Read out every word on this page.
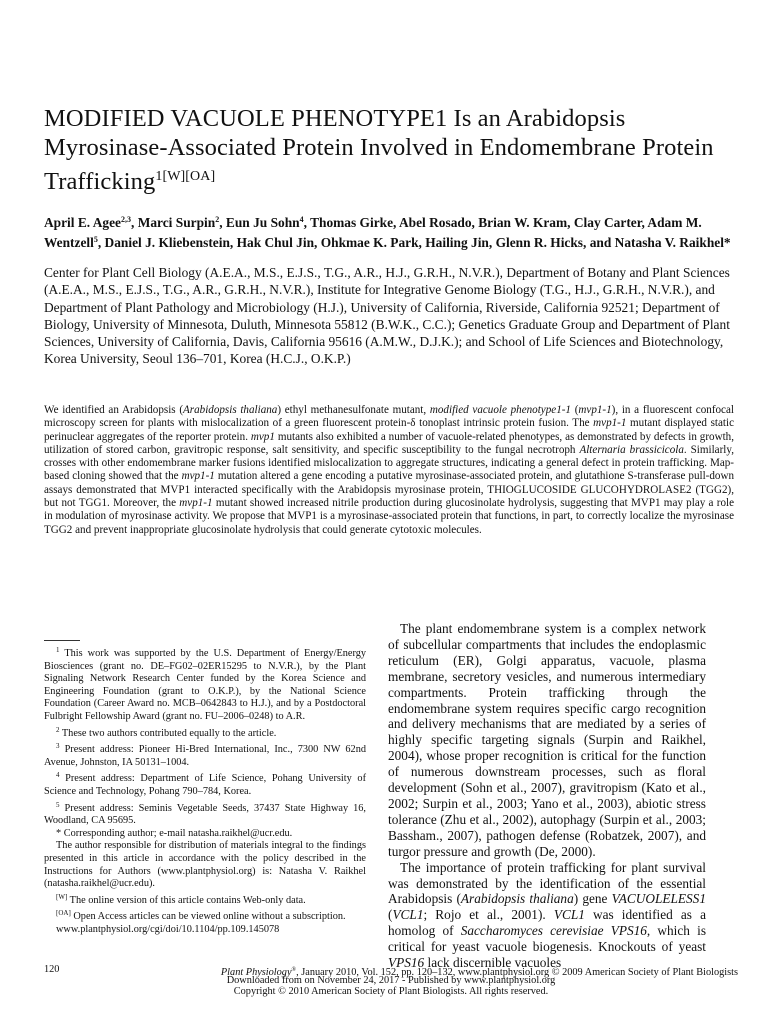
MODIFIED VACUOLE PHENOTYPE1 Is an Arabidopsis Myrosinase-Associated Protein Involved in Endomembrane Protein Trafficking$^{1[W][OA]}$
April E. Agee$^{2,3}$, Marci Surpin$^2$, Eun Ju Sohn$^4$, Thomas Girke, Abel Rosado, Brian W. Kram, Clay Carter, Adam M. Wentzell$^5$, Daniel J. Kliebenstein, Hak Chul Jin, Ohkmae K. Park, Hailing Jin, Glenn R. Hicks, and Natasha V. Raikhel*
Center for Plant Cell Biology (A.E.A., M.S., E.J.S., T.G., A.R., H.J., G.R.H., N.V.R.), Department of Botany and Plant Sciences (A.E.A., M.S., E.J.S., T.G., A.R., G.R.H., N.V.R.), Institute for Integrative Genome Biology (T.G., H.J., G.R.H., N.V.R.), and Department of Plant Pathology and Microbiology (H.J.), University of California, Riverside, California 92521; Department of Biology, University of Minnesota, Duluth, Minnesota 55812 (B.W.K., C.C.); Genetics Graduate Group and Department of Plant Sciences, University of California, Davis, California 95616 (A.M.W., D.J.K.); and School of Life Sciences and Biotechnology, Korea University, Seoul 136–701, Korea (H.C.J., O.K.P.)
We identified an Arabidopsis (Arabidopsis thaliana) ethyl methanesulfonate mutant, modified vacuole phenotype1-1 (mvp1-1), in a fluorescent confocal microscopy screen for plants with mislocalization of a green fluorescent protein-δ tonoplast intrinsic protein fusion. The mvp1-1 mutant displayed static perinuclear aggregates of the reporter protein. mvp1 mutants also exhibited a number of vacuole-related phenotypes, as demonstrated by defects in growth, utilization of stored carbon, gravitropic response, salt sensitivity, and specific susceptibility to the fungal necrotroph Alternaria brassicicola. Similarly, crosses with other endomembrane marker fusions identified mislocalization to aggregate structures, indicating a general defect in protein trafficking. Map-based cloning showed that the mvp1-1 mutation altered a gene encoding a putative myrosinase-associated protein, and glutathione S-transferase pull-down assays demonstrated that MVP1 interacted specifically with the Arabidopsis myrosinase protein, THIOGLUCOSIDE GLUCOHYDROLASE2 (TGG2), but not TGG1. Moreover, the mvp1-1 mutant showed increased nitrile production during glucosinolate hydrolysis, suggesting that MVP1 may play a role in modulation of myrosinase activity. We propose that MVP1 is a myrosinase-associated protein that functions, in part, to correctly localize the myrosinase TGG2 and prevent inappropriate glucosinolate hydrolysis that could generate cytotoxic molecules.

$^1$ This work was supported by the U.S. Department of Energy/Energy Biosciences (grant no. DE–FG02–02ER15295 to N.V.R.), by the Plant Signaling Network Research Center funded by the Korea Science and Engineering Foundation (grant to O.K.P.), by the National Science Foundation (Career Award no. MCB–0642843 to H.J.), and by a Postdoctoral Fulbright Fellowship Award (grant no. FU–2006–0248) to A.R.

$^2$ These two authors contributed equally to the article.

$^3$ Present address: Pioneer Hi-Bred International, Inc., 7300 NW 62nd Avenue, Johnston, IA 50131–1004.

$^4$ Present address: Department of Life Science, Pohang University of Science and Technology, Pohang 790–784, Korea.

$^5$ Present address: Seminis Vegetable Seeds, 37437 State Highway 16, Woodland, CA 95695.

* Corresponding author; e-mail natasha.raikhel@ucr.edu.

The author responsible for distribution of materials integral to the findings presented in this article in accordance with the policy described in the Instructions for Authors (www.plantphysiol.org) is: Natasha V. Raikhel (natasha.raikhel@ucr.edu).

[W] The online version of this article contains Web-only data.

[OA] Open Access articles can be viewed online without a subscription.

www.plantphysiol.org/cgi/doi/10.1104/pp.109.145078

The plant endomembrane system is a complex network of subcellular compartments that includes the endoplasmic reticulum (ER), Golgi apparatus, vacuole, plasma membrane, secretory vesicles, and numerous intermediary compartments. Protein trafficking through the endomembrane system requires specific cargo recognition and delivery mechanisms that are mediated by a series of highly specific targeting signals (Surpin and Raikhel, 2004), whose proper recognition is critical for the function of numerous downstream processes, such as floral development (Sohn et al., 2007), gravitropism (Kato et al., 2002; Surpin et al., 2003; Yano et al., 2003), abiotic stress tolerance (Zhu et al., 2002), autophagy (Surpin et al., 2003; Bassham., 2007), pathogen defense (Robatzek, 2007), and turgor pressure and growth (De, 2000).

The importance of protein trafficking for plant survival was demonstrated by the identification of the essential Arabidopsis (Arabidopsis thaliana) gene VACUOLELESS1 (VCL1; Rojo et al., 2001). VCL1 was identified as a homolog of Saccharomyces cerevisiae VPS16, which is critical for yeast vacuole biogenesis. Knockouts of yeast VPS16 lack discernible vacuoles

120	Plant Physiology®, January 2010, Vol. 152, pp. 120–132, www.plantphysiol.org © 2009 American Society of Plant Biologists
Downloaded from on November 24, 2017 - Published by www.plantphysiol.org
Copyright © 2010 American Society of Plant Biologists. All rights reserved.
